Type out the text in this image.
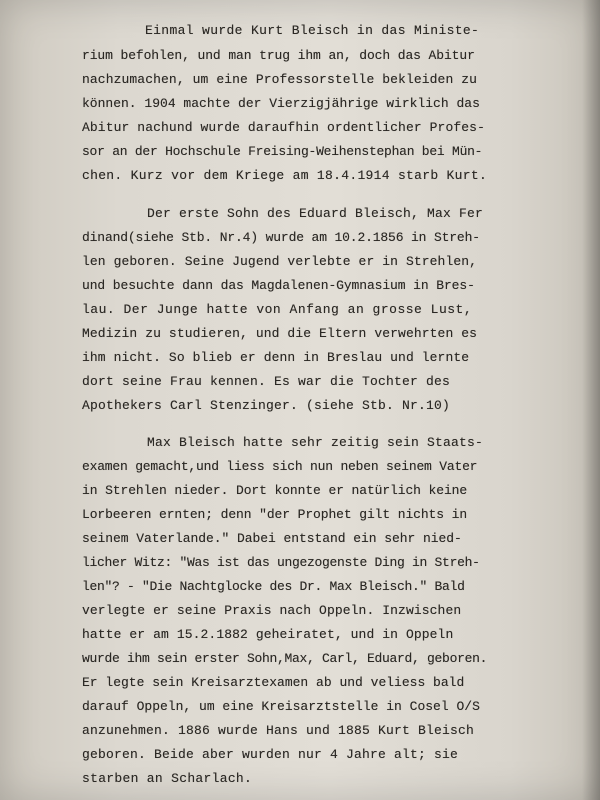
Einmal wurde Kurt Bleisch in das Ministe-
rium befohlen, und man trug ihm an, doch das Abitur
nachzumachen, um eine Professorstelle bekleiden zu
können. 1904 machte der Vierzigjährige wirklich das
Abitur nachund wurde daraufhin ordentlicher Profes-
sor an der Hochschule Freising-Weihenstephan bei Mün-
chen. Kurz vor dem Kriege am 18.4.1914 starb Kurt.
Der erste Sohn des Eduard Bleisch, Max Fer
dinand(siehe Stb. Nr.4) wurde am 10.2.1856 in Streh-
len geboren. Seine Jugend verlebte er in Strehlen,
und besuchte dann das Magdalenen-Gymnasium in Bres-
lau. Der Junge hatte von Anfang an grosse Lust,
Medizin zu studieren, und die Eltern verwehrten es
ihm nicht. So blieb er denn in Breslau und lernte
dort seine Frau kennen. Es war die Tochter des
Apothekers Carl Stenzinger. (siehe Stb. Nr.10)
Max Bleisch hatte sehr zeitig sein Staats-
examen gemacht,und liess sich nun neben seinem Vater
in Strehlen nieder. Dort konnte er natürlich keine
Lorbeeren ernten; denn "der Prophet gilt nichts in
seinem Vaterlande." Dabei entstand ein sehr nied-
licher Witz: "Was ist das ungezogenste Ding in Streh-
len"? - "Die Nachtglocke des Dr. Max Bleisch." Bald
verlegte er seine Praxis nach Oppeln. Inzwischen
hatte er am 15.2.1882 geheiratet, und in Oppeln
wurde ihm sein erster Sohn,Max, Carl, Eduard, geboren.
Er legte sein Kreisarztexamen ab und veliess bald
darauf Oppeln, um eine Kreisarztstelle in Cosel O/S
anzunehmen. 1886 wurde Hans und 1885 Kurt Bleisch
geboren. Beide aber wurden nur 4 Jahre alt; sie
starben an Scharlach.
